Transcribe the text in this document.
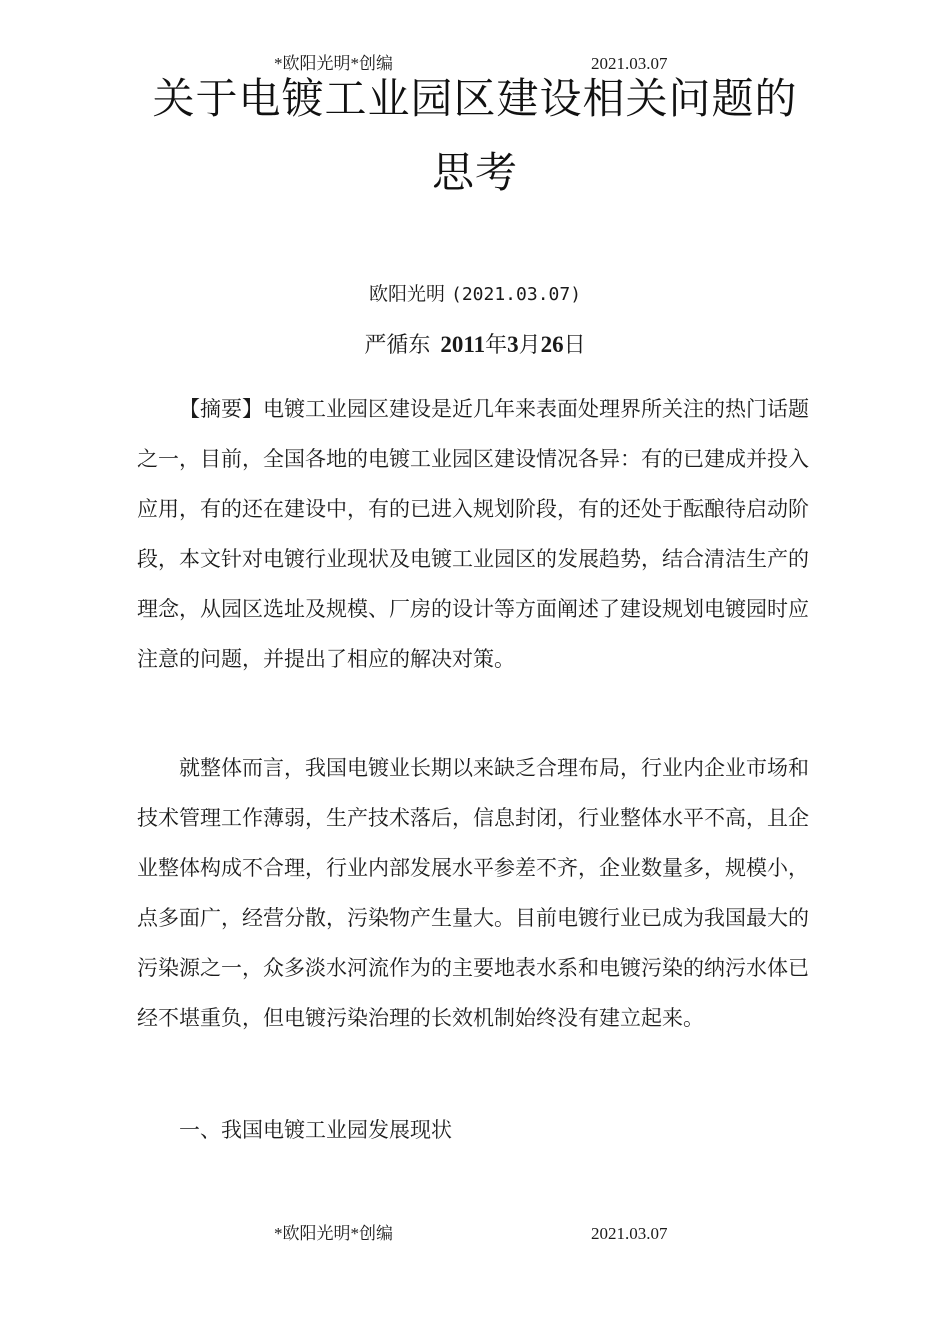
*欧阳光明*创编	2021.03.07
关于电镀工业园区建设相关问题的
思考
欧阳光明 (2021.03.07)
严循东 2011年3月26日

【摘要】电镀工业园区建设是近几年来表面处理界所关注的热门话题之一，目前，全国各地的电镀工业园区建设情况各异：有的已建成并投入应用，有的还在建设中，有的已进入规划阶段，有的还处于酝酿待启动阶段，本文针对电镀行业现状及电镀工业园区的发展趋势，结合清洁生产的理念，从园区选址及规模、厂房的设计等方面阐述了建设规划电镀园时应注意的问题，并提出了相应的解决对策。

就整体而言，我国电镀业长期以来缺乏合理布局，行业内企业市场和技术管理工作薄弱，生产技术落后，信息封闭，行业整体水平不高，且企业整体构成不合理，行业内部发展水平参差不齐，企业数量多，规模小，点多面广，经营分散，污染物产生量大。目前电镀行业已成为我国最大的污染源之一，众多淡水河流作为的主要地表水系和电镀污染的纳污水体已经不堪重负，但电镀污染治理的长效机制始终没有建立起来。

一、我国电镀工业园发展现状

*欧阳光明*创编	2021.03.07
